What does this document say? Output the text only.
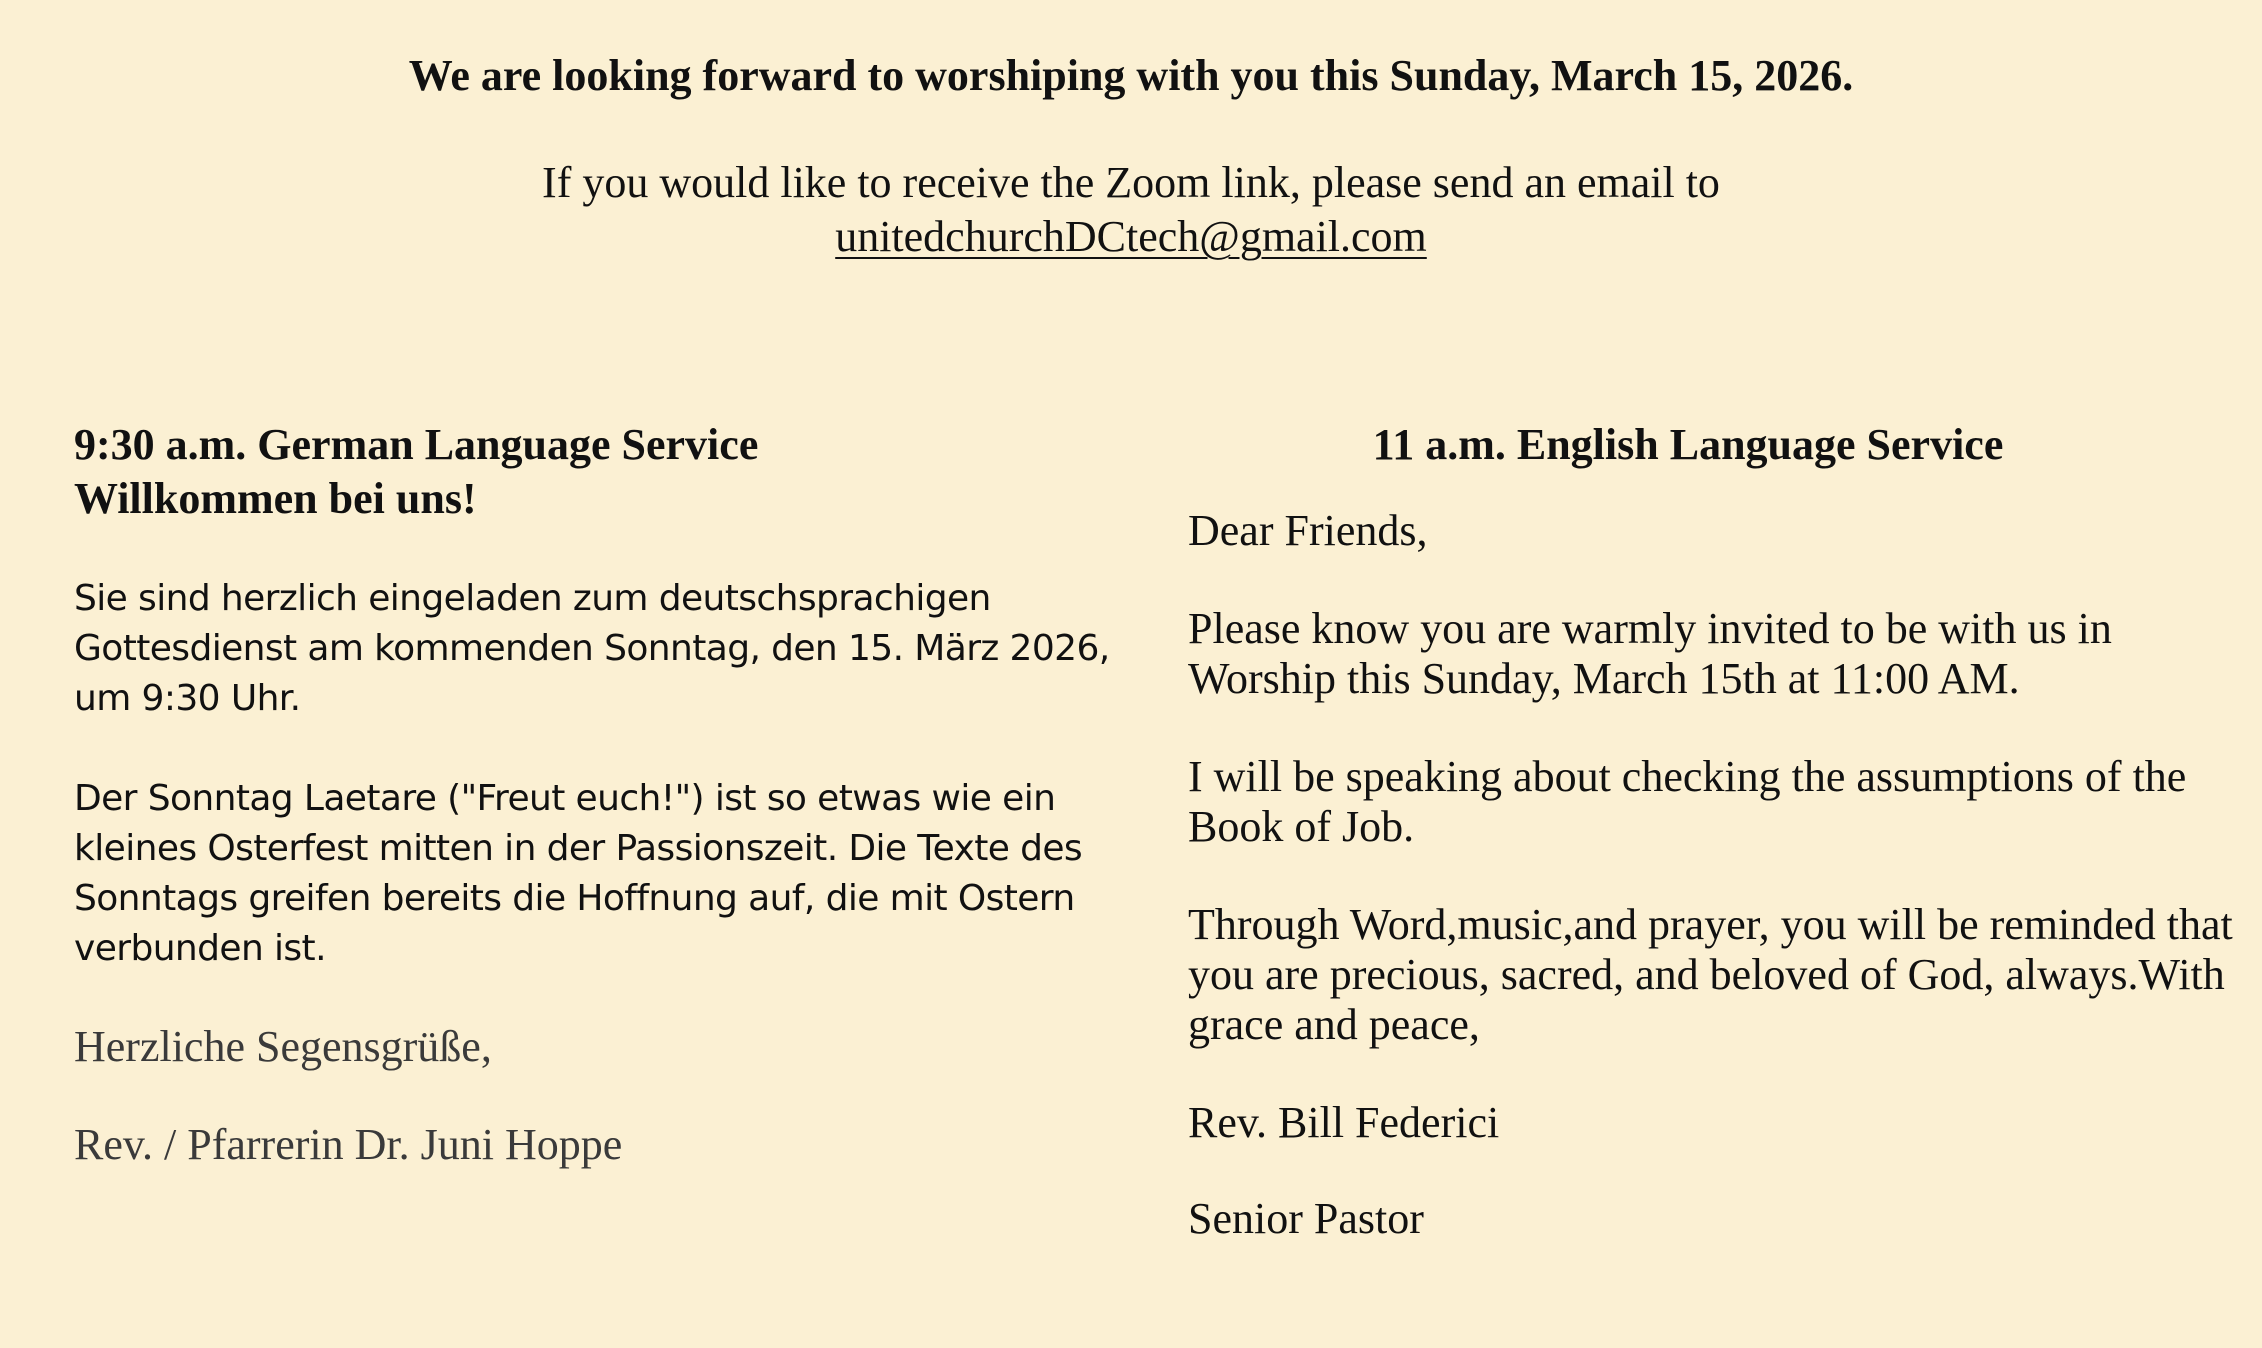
We are looking forward to worshiping with you this Sunday, March 15, 2026.

If you would like to receive the Zoom link, please send an email to

unitedchurchDCtech@gmail.com

9:30 a.m. German Language Service

Willkommen bei uns!

Sie sind herzlich eingeladen zum deutschsprachigen Gottesdienst am kommenden Sonntag, den 15. März 2026, um 9:30 Uhr.

Der Sonntag Laetare ("Freut euch!") ist so etwas wie ein kleines Osterfest mitten in der Passionszeit. Die Texte des Sonntags greifen bereits die Hoffnung auf, die mit Ostern verbunden ist.

Herzliche Segensgrüße,

Rev. / Pfarrerin Dr. Juni Hoppe

11 a.m. English Language Service

Dear Friends,

Please know you are warmly invited to be with us in Worship this Sunday, March 15th at 11:00 AM.

I will be speaking about checking the assumptions of the Book of Job.

Through Word,music,and prayer, you will be reminded that you are precious, sacred, and beloved of God, always.With grace and peace,

Rev. Bill Federici

Senior Pastor
